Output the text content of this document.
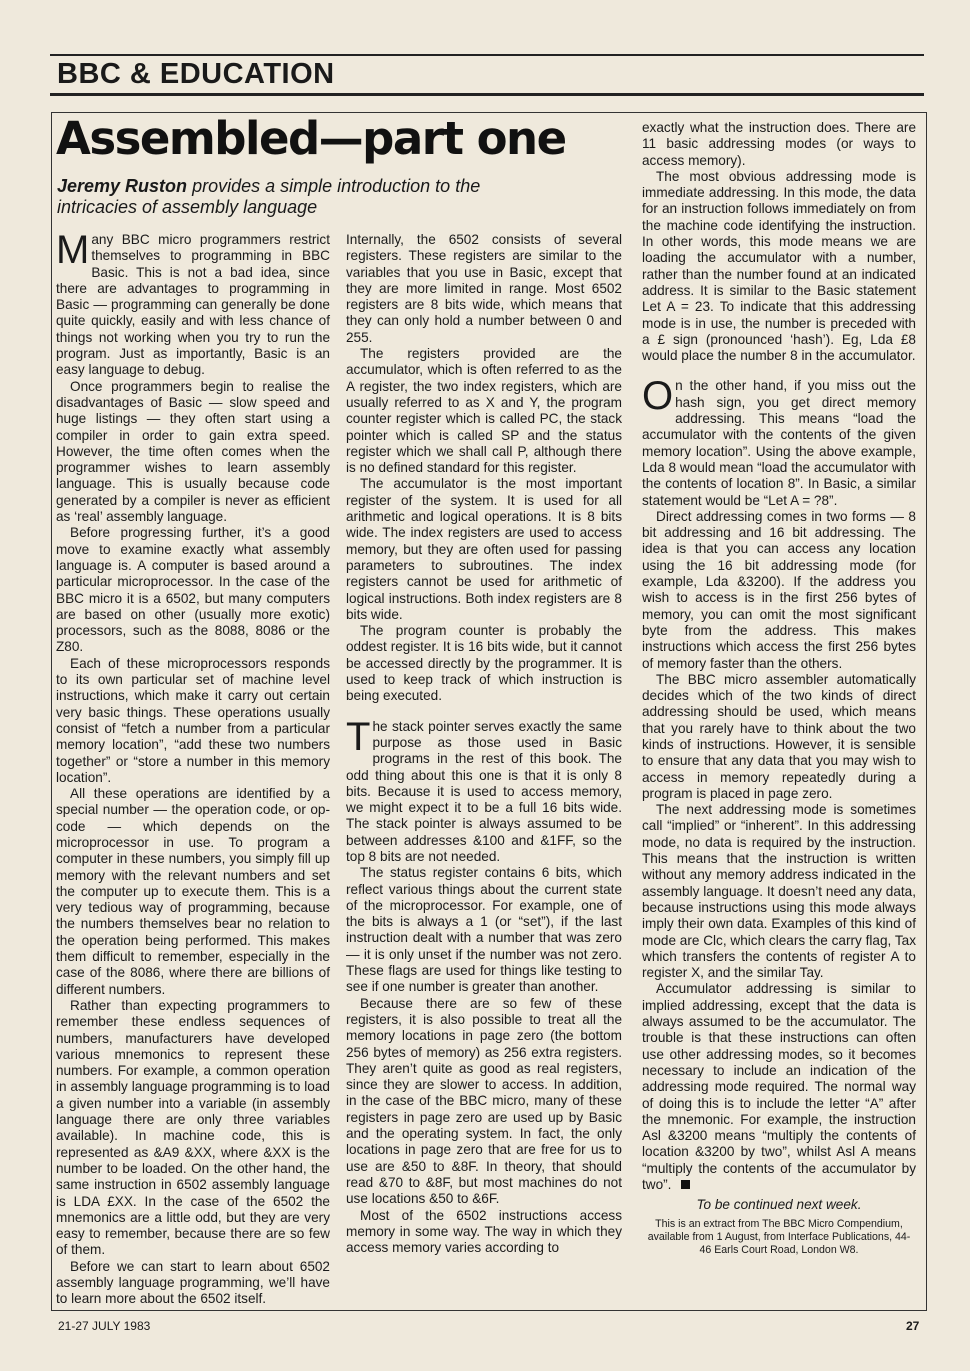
BBC & EDUCATION
Assembled—part one
Jeremy Ruston provides a simple introduction to the intricacies of assembly language

Many BBC micro programmers restrict themselves to programming in BBC Basic. This is not a bad idea, since there are advantages to programming in Basic — programming can generally be done quite quickly, easily and with less chance of things not working when you try to run the program. Just as importantly, Basic is an easy language to debug.

Once programmers begin to realise the disadvantages of Basic — slow speed and huge listings — they often start using a compiler in order to gain extra speed. However, the time often comes when the programmer wishes to learn assembly language. This is usually because code generated by a compiler is never as efficient as ‘real’ assembly language.

Before progressing further, it’s a good move to examine exactly what assembly language is. A computer is based around a particular microprocessor. In the case of the BBC micro it is a 6502, but many computers are based on other (usually more exotic) processors, such as the 8088, 8086 or the Z80.

Each of these microprocessors responds to its own particular set of machine level instructions, which make it carry out certain very basic things. These operations usually consist of “fetch a number from a particular memory location”, “add these two numbers together” or “store a number in this memory location”.

All these operations are identified by a special number — the operation code, or op-code — which depends on the microprocessor in use. To program a computer in these numbers, you simply fill up memory with the relevant numbers and set the computer up to execute them. This is a very tedious way of programming, because the numbers themselves bear no relation to the operation being performed. This makes them difficult to remember, especially in the case of the 8086, where there are billions of different numbers.

Rather than expecting programmers to remember these endless sequences of numbers, manufacturers have developed various mnemonics to represent these numbers. For example, a common operation in assembly language programming is to load a given number into a variable (in assembly language there are only three variables available). In machine code, this is represented as &A9 &XX, where &XX is the number to be loaded. On the other hand, the same instruction in 6502 assembly language is LDA £XX. In the case of the 6502 the mnemonics are a little odd, but they are very easy to remember, because there are so few of them.

Before we can start to learn about 6502 assembly language programming, we’ll have to learn more about the 6502 itself.

Internally, the 6502 consists of several registers. These registers are similar to the variables that you use in Basic, except that they are more limited in range. Most 6502 registers are 8 bits wide, which means that they can only hold a number between 0 and 255.

The registers provided are the accumulator, which is often referred to as the A register, the two index registers, which are usually referred to as X and Y, the program counter register which is called PC, the stack pointer which is called SP and the status register which we shall call P, although there is no defined standard for this register.

The accumulator is the most important register of the system. It is used for all arithmetic and logical operations. It is 8 bits wide. The index registers are used to access memory, but they are often used for passing parameters to subroutines. The index registers cannot be used for arithmetic of logical instructions. Both index registers are 8 bits wide.

The program counter is probably the oddest register. It is 16 bits wide, but it cannot be accessed directly by the programmer. It is used to keep track of which instruction is being executed.

The stack pointer serves exactly the same purpose as those used in Basic programs in the rest of this book. The odd thing about this one is that it is only 8 bits. Because it is used to access memory, we might expect it to be a full 16 bits wide. The stack pointer is always assumed to be between addresses &100 and &1FF, so the top 8 bits are not needed.

The status register contains 6 bits, which reflect various things about the current state of the microprocessor. For example, one of the bits is always a 1 (or “set”), if the last instruction dealt with a number that was zero — it is only unset if the number was not zero. These flags are used for things like testing to see if one number is greater than another.

Because there are so few of these registers, it is also possible to treat all the memory locations in page zero (the bottom 256 bytes of memory) as 256 extra registers. They aren’t quite as good as real registers, since they are slower to access. In addition, in the case of the BBC micro, many of these registers in page zero are used up by Basic and the operating system. In fact, the only locations in page zero that are free for us to use are &50 to &8F. In theory, that should read &70 to &8F, but most machines do not use locations &50 to &6F.

Most of the 6502 instructions access memory in some way. The way in which they access memory varies according to

exactly what the instruction does. There are 11 basic addressing modes (or ways to access memory).

The most obvious addressing mode is immediate addressing. In this mode, the data for an instruction follows immediately on from the machine code identifying the instruction. In other words, this mode means we are loading the accumulator with a number, rather than the number found at an indicated address. It is similar to the Basic statement Let A = 23. To indicate that this addressing mode is in use, the number is preceded with a £ sign (pronounced ‘hash’). Eg, Lda £8 would place the number 8 in the accumulator.

On the other hand, if you miss out the hash sign, you get direct memory addressing. This means “load the accumulator with the contents of the given memory location”. Using the above example, Lda 8 would mean “load the accumulator with the contents of location 8”. In Basic, a similar statement would be “Let A = ?8”.

Direct addressing comes in two forms — 8 bit addressing and 16 bit addressing. The idea is that you can access any location using the 16 bit addressing mode (for example, Lda &3200). If the address you wish to access is in the first 256 bytes of memory, you can omit the most significant byte from the address. This makes instructions which access the first 256 bytes of memory faster than the others.

The BBC micro assembler automatically decides which of the two kinds of direct addressing should be used, which means that you rarely have to think about the two kinds of instructions. However, it is sensible to ensure that any data that you may wish to access in memory repeatedly during a program is placed in page zero.

The next addressing mode is sometimes call “implied” or “inherent”. In this addressing mode, no data is required by the instruction. This means that the instruction is written without any memory address indicated in the assembly language. It doesn’t need any data, because instructions using this mode always imply their own data. Examples of this kind of mode are Clc, which clears the carry flag, Tax which transfers the contents of register A to register X, and the similar Tay.

Accumulator addressing is similar to implied addressing, except that the data is always assumed to be the accumulator. The trouble is that these instructions can often use other addressing modes, so it becomes necessary to include an indication of the addressing mode required. The normal way of doing this is to include the letter “A” after the mnemonic. For example, the instruction Asl &3200 means “multiply the contents of location &3200 by two”, whilst Asl A means “multiply the contents of the accumulator by two”.

To be continued next week.
This is an extract from The BBC Micro Compendium, available from 1 August, from Interface Publications, 44-46 Earls Court Road, London W8.
21-27 JULY 1983	27
